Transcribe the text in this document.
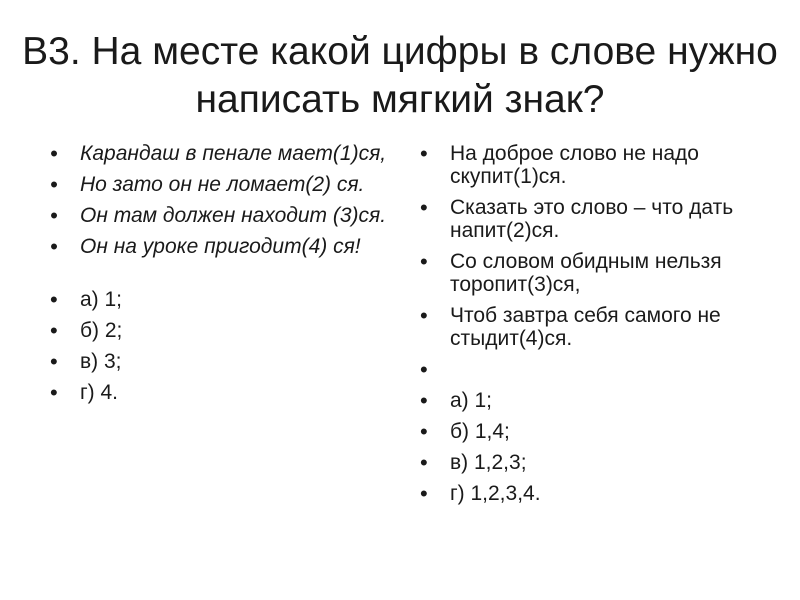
В3. На месте какой цифры в слове нужно написать мягкий знак?
•
Карандаш в пенале мает(1)ся,
•
Но зато он не ломает(2) ся.
•
Он там должен находит (3)ся.
•
Он на уроке пригодит(4) ся!
•
а) 1;
•
б) 2;
•
в) 3;
•
г) 4.
•
На доброе слово не надо скупит(1)ся.
•
Сказать это слово – что дать напит(2)ся.
•
Со словом обидным нельзя торопит(3)ся,
•
Чтоб завтра себя самого не стыдит(4)ся.
•
•
а) 1;
•
б) 1,4;
•
в) 1,2,3;
•
г) 1,2,3,4.
